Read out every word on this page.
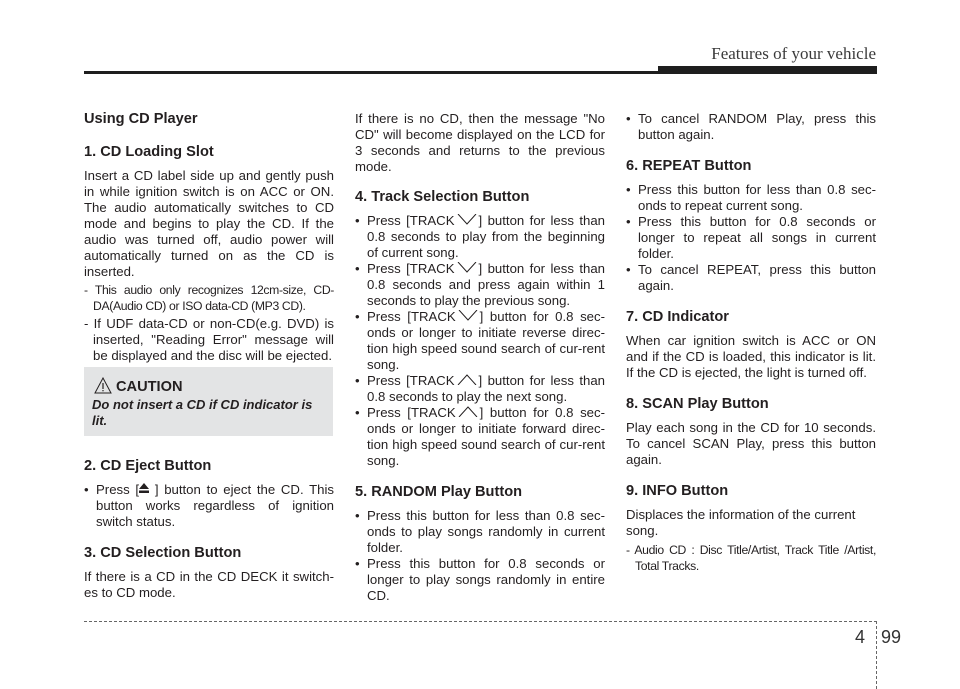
Features of your vehicle
Using CD Player
1. CD Loading Slot

Insert a CD label side up and gently push in while ignition switch is on ACC or ON. The audio automatically switches to CD mode and begins to play the CD. If the audio was turned off, audio power will automatically turned on as the CD is inserted.

- This audio only recognizes 12cm-size, CD-DA(Audio CD) or ISO data-CD (MP3 CD).

- If UDF data-CD or non-CD(e.g. DVD) is inserted, "Reading Error" message will be displayed and the disc will be ejected.

CAUTION
Do not insert a CD if CD indicator is lit.
2. CD Eject Button
• Press [ ] button to eject the CD. This button works regardless of ignition switch status.
3. CD Selection Button

If there is a CD in the CD DECK it switch-es to CD mode.

If there is no CD, then the message "No CD" will become displayed on the LCD for 3 seconds and returns to the previous mode.

4. Track Selection Button
• Press [TRACK ] button for less than 0.8 seconds to play from the beginning of current song.
• Press [TRACK ] button for less than 0.8 seconds and press again within 1 seconds to play the previous song.
• Press [TRACK ] button for 0.8 sec-onds or longer to initiate reverse direc-tion high speed sound search of cur-rent song.
• Press [TRACK ] button for less than 0.8 seconds to play the next song.
• Press [TRACK ] button for 0.8 sec-onds or longer to initiate forward direc-tion high speed sound search of cur-rent song.
5. RANDOM Play Button
• Press this button for less than 0.8 sec-onds to play songs randomly in current folder.
• Press this button for 0.8 seconds or longer to play songs randomly in entire CD.
• To cancel RANDOM Play, press this button again.
6. REPEAT Button
• Press this button for less than 0.8 sec-onds to repeat current song.
• Press this button for 0.8 seconds or longer to repeat all songs in current folder.
• To cancel REPEAT, press this button again.
7. CD Indicator

When car ignition switch is ACC or ON and if the CD is loaded, this indicator is lit. If the CD is ejected, the light is turned off.

8. SCAN Play Button

Play each song in the CD for 10 seconds. To cancel SCAN Play, press this button again.

9. INFO Button

Displaces the information of the current song.

- Audio CD : Disc Title/Artist, Track Title /Artist, Total Tracks.

4 99
